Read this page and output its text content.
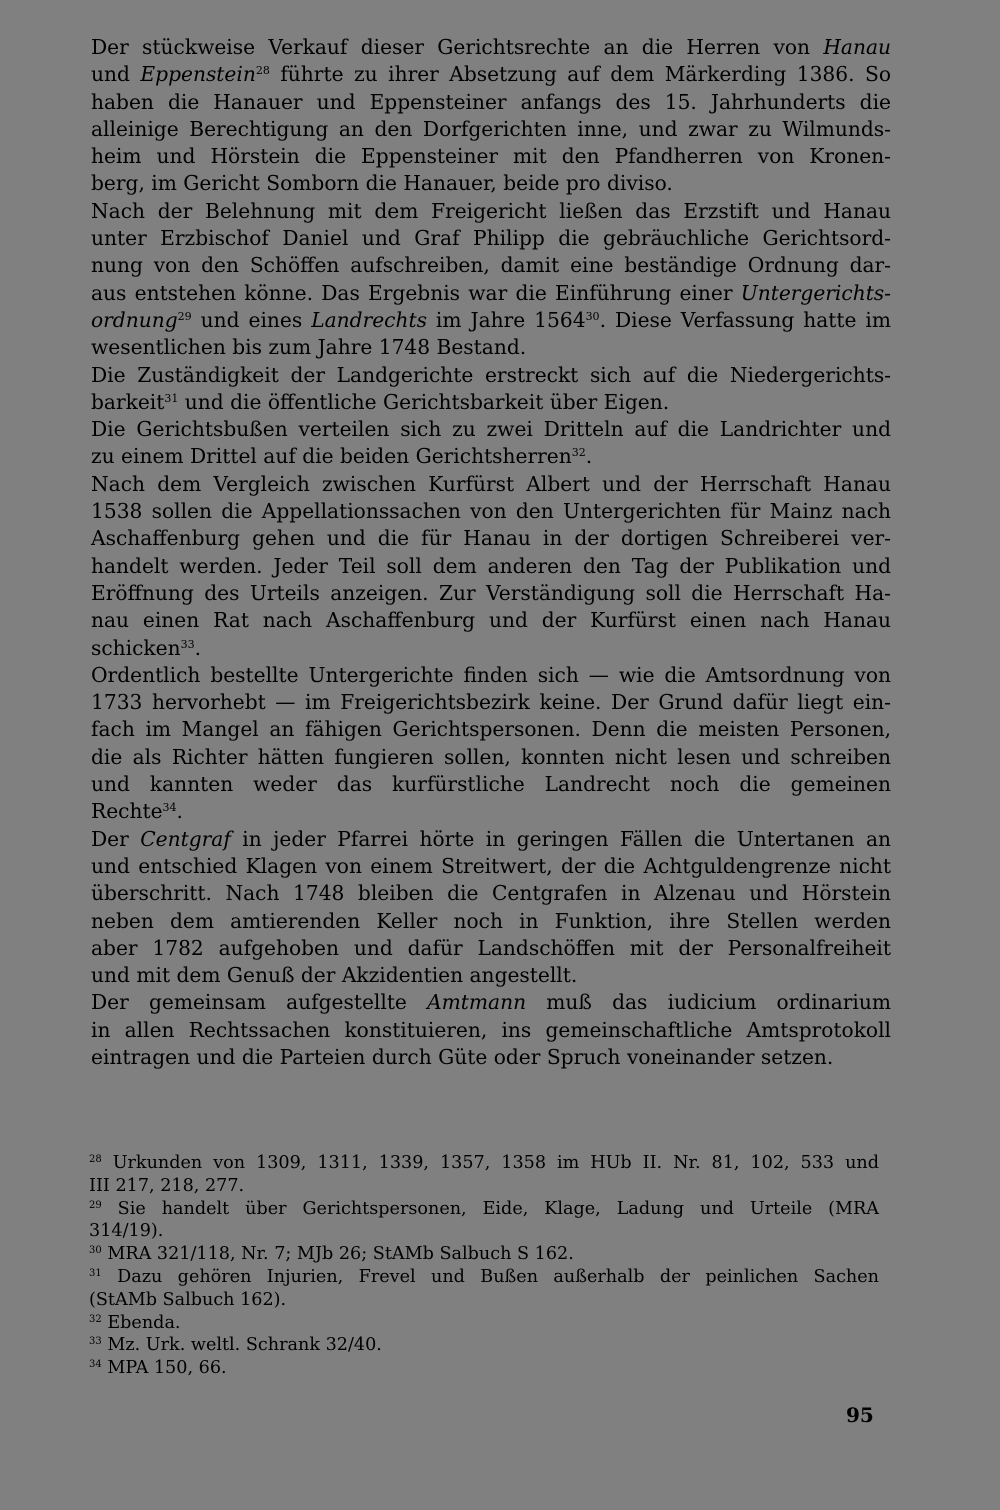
Der stückweise Verkauf dieser Gerichtsrechte an die Herren von Hanau
und Eppenstein$^{28}$ führte zu ihrer Absetzung auf dem Märkerding 1386. So
haben die Hanauer und Eppensteiner anfangs des 15. Jahrhunderts die
alleinige Berechtigung an den Dorfgerichten inne, und zwar zu Wilmunds-
heim und Hörstein die Eppensteiner mit den Pfandherren von Kronen-
berg, im Gericht Somborn die Hanauer, beide pro diviso.
Nach der Belehnung mit dem Freigericht ließen das Erzstift und Hanau
unter Erzbischof Daniel und Graf Philipp die gebräuchliche Gerichtsord-
nung von den Schöffen aufschreiben, damit eine beständige Ordnung dar-
aus entstehen könne. Das Ergebnis war die Einführung einer Untergerichts-
ordnung$^{29}$ und eines Landrechts im Jahre 1564$^{30}$. Diese Verfassung hatte im
wesentlichen bis zum Jahre 1748 Bestand.
Die Zuständigkeit der Landgerichte erstreckt sich auf die Niedergerichts-
barkeit$^{31}$ und die öffentliche Gerichtsbarkeit über Eigen.
Die Gerichtsbußen verteilen sich zu zwei Dritteln auf die Landrichter und
zu einem Drittel auf die beiden Gerichtsherren$^{32}$.
Nach dem Vergleich zwischen Kurfürst Albert und der Herrschaft Hanau
1538 sollen die Appellationssachen von den Untergerichten für Mainz nach
Aschaffenburg gehen und die für Hanau in der dortigen Schreiberei ver-
handelt werden. Jeder Teil soll dem anderen den Tag der Publikation und
Eröffnung des Urteils anzeigen. Zur Verständigung soll die Herrschaft Ha-
nau einen Rat nach Aschaffenburg und der Kurfürst einen nach Hanau
schicken$^{33}$.
Ordentlich bestellte Untergerichte finden sich — wie die Amtsordnung von
1733 hervorhebt — im Freigerichtsbezirk keine. Der Grund dafür liegt ein-
fach im Mangel an fähigen Gerichtspersonen. Denn die meisten Personen,
die als Richter hätten fungieren sollen, konnten nicht lesen und schreiben
und kannten weder das kurfürstliche Landrecht noch die gemeinen
Rechte$^{34}$.
Der Centgraf in jeder Pfarrei hörte in geringen Fällen die Untertanen an
und entschied Klagen von einem Streitwert, der die Achtguldengrenze nicht
überschritt. Nach 1748 bleiben die Centgrafen in Alzenau und Hörstein
neben dem amtierenden Keller noch in Funktion, ihre Stellen werden
aber 1782 aufgehoben und dafür Landschöffen mit der Personalfreiheit
und mit dem Genuß der Akzidentien angestellt.
Der gemeinsam aufgestellte Amtmann muß das iudicium ordinarium
in allen Rechtssachen konstituieren, ins gemeinschaftliche Amtsprotokoll
eintragen und die Parteien durch Güte oder Spruch voneinander setzen.
$^{28}$ Urkunden von 1309, 1311, 1339, 1357, 1358 im HUb II. Nr. 81, 102, 533 und
III 217, 218, 277.
$^{29}$ Sie handelt über Gerichtspersonen, Eide, Klage, Ladung und Urteile (MRA
314/19).
$^{30}$ MRA 321/118, Nr. 7; MJb 26; StAMb Salbuch S 162.
$^{31}$ Dazu gehören Injurien, Frevel und Bußen außerhalb der peinlichen Sachen
(StAMb Salbuch 162).
$^{32}$ Ebenda.
$^{33}$ Mz. Urk. weltl. Schrank 32/40.
$^{34}$ MPA 150, 66.
95
